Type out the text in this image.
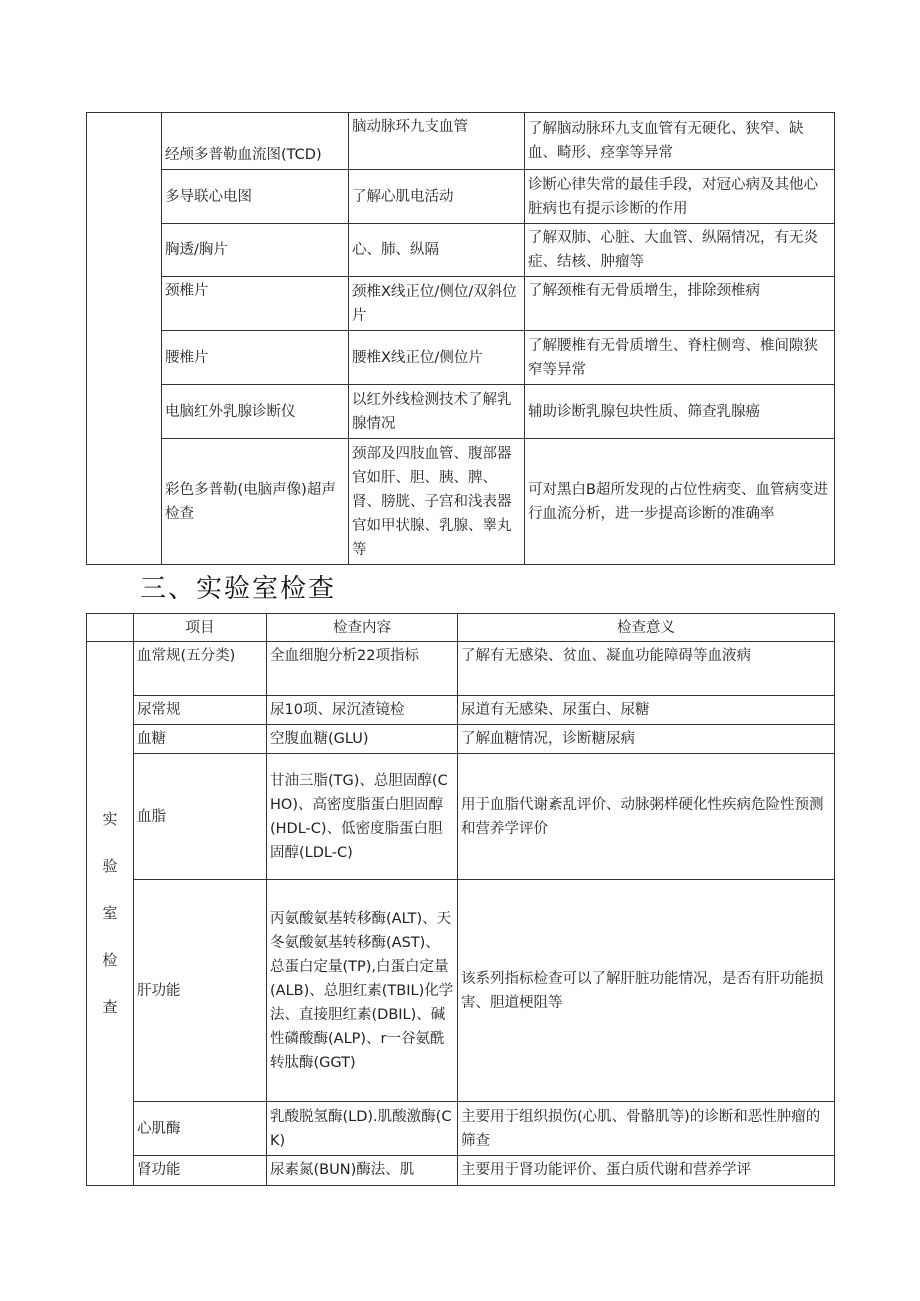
	经颅多普勒血流图(TCD)	脑动脉环九支血管	了解脑动脉环九支血管有无硬化、狭窄、缺血、畸形、痉挛等异常
	多导联心电图	了解心肌电活动	诊断心律失常的最佳手段，对冠心病及其他心脏病也有提示诊断的作用
	胸透/胸片	心、肺、纵隔	了解双肺、心脏、大血管、纵隔情况，有无炎症、结核、肿瘤等
	颈椎片	颈椎X线正位/侧位/双斜位片	了解颈椎有无骨质增生，排除颈椎病
	腰椎片	腰椎X线正位/侧位片	了解腰椎有无骨质增生、脊柱侧弯、椎间隙狭窄等异常
	电脑红外乳腺诊断仪	以红外线检测技术了解乳腺情况	辅助诊断乳腺包块性质、筛查乳腺癌
	彩色多普勒(电脑声像)超声检查	颈部及四肢血管、腹部器官如肝、胆、胰、脾、肾、膀胱、子宫和浅表器官如甲状腺、乳腺、睾丸等	可对黑白B超所发现的占位性病变、血管病变进行血流分析，进一步提高诊断的准确率
三、实验室检查
	项目	检查内容	检查意义

实
验
室
检
查	血常规(五分类)	全血细胞分析22项指标	了解有无感染、贫血、凝血功能障碍等血液病
	尿常规	尿10项、尿沉渣镜检	尿道有无感染、尿蛋白、尿糖
	血糖	空腹血糖(GLU)	了解血糖情况，诊断糖尿病
	血脂	甘油三脂(TG)、总胆固醇(CHO)、高密度脂蛋白胆固醇(HDL-C)、低密度脂蛋白胆固醇(LDL-C)	用于血脂代谢紊乱评价、动脉粥样硬化性疾病危险性预测和营养学评价
	肝功能	丙氨酸氨基转移酶(ALT)、天冬氨酸氨基转移酶(AST)、总蛋白定量(TP),白蛋白定量(ALB)、总胆红素(TBIL)化学法、直接胆红素(DBIL)、碱性磷酸酶(ALP)、r一谷氨酰转肽酶(GGT)	该系列指标检查可以了解肝脏功能情况，是否有肝功能损害、胆道梗阻等
	心肌酶	乳酸脱氢酶(LD).肌酸激酶(CK)	主要用于组织损伤(心肌、骨骼肌等)的诊断和恶性肿瘤的筛查
	肾功能	尿素氮(BUN)酶法、肌	主要用于肾功能评价、蛋白质代谢和营养学评
